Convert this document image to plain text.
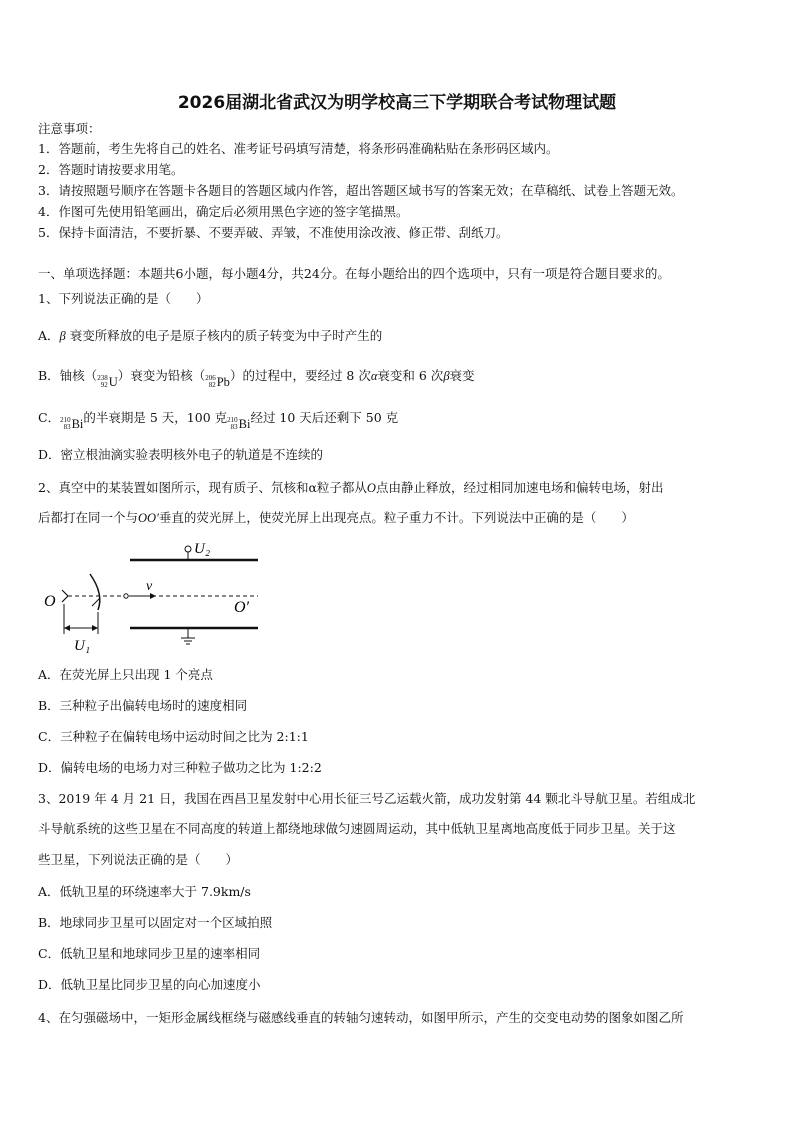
2026届湖北省武汉为明学校高三下学期联合考试物理试题
注意事项：
1．答题前，考生先将自己的姓名、准考证号码填写清楚，将条形码准确粘贴在条形码区域内。
2．答题时请按要求用笔。
3．请按照题号顺序在答题卡各题目的答题区域内作答，超出答题区域书写的答案无效；在草稿纸、试卷上答题无效。
4．作图可先使用铅笔画出，确定后必须用黑色字迹的签字笔描黑。
5．保持卡面清洁，不要折暴、不要弄破、弄皱，不准使用涂改液、修正带、刮纸刀。
一、单项选择题：本题共6小题，每小题4分，共24分。在每小题给出的四个选项中，只有一项是符合题目要求的。
1、下列说法正确的是（　　）
A．β 衰变所释放的电子是原子核内的质子转变为中子时产生的
B．铀核（ 238
92 U ）衰变为铅核（ 206
82 Pb ）的过程中，要经过 8 次α衰变和 6 次β衰变
C． 210
83 Bi 的半衰期是 5 天，100 克 210
83 Bi 经过 10 天后还剩下 50 克
D．密立根油滴实验表明核外电子的轨道是不连续的
2、真空中的某装置如图所示，现有质子、氘核和α粒子都从O点由静止释放，经过相同加速电场和偏转电场，射出
后都打在同一个与OO′垂直的荧光屏上，使荧光屏上出现亮点。粒子重力不计。下列说法中正确的是（　　）
U₂
O
v
O′
U₁
A．在荧光屏上只出现 1 个亮点
B．三种粒子出偏转电场时的速度相同
C．三种粒子在偏转电场中运动时间之比为 2:1:1
D．偏转电场的电场力对三种粒子做功之比为 1:2:2
3、2019 年 4 月 21 日，我国在西昌卫星发射中心用长征三号乙运载火箭，成功发射第 44 颗北斗导航卫星。若组成北
斗导航系统的这些卫星在不同高度的转道上都绕地球做匀速圆周运动，其中低轨卫星离地高度低于同步卫星。关于这
些卫星，下列说法正确的是（　　）
A．低轨卫星的环绕速率大于 7.9km/s
B．地球同步卫星可以固定对一个区域拍照
C．低轨卫星和地球同步卫星的速率相同
D．低轨卫星比同步卫星的向心加速度小
4、在匀强磁场中，一矩形金属线框绕与磁感线垂直的转轴匀速转动，如图甲所示，产生的交变电动势的图象如图乙所
